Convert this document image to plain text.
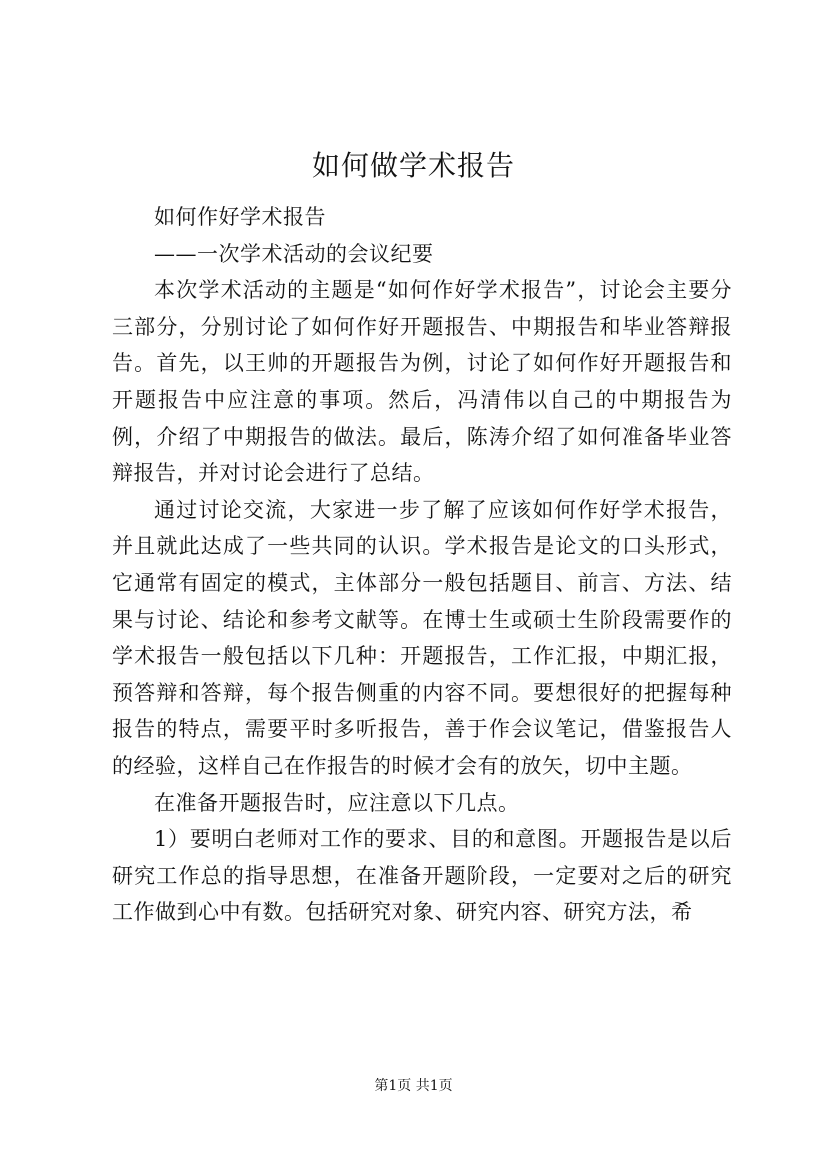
如何做学术报告

如何作好学术报告

——一次学术活动的会议纪要

本次学术活动的主题是“如何作好学术报告”，讨论会主要分三部分，分别讨论了如何作好开题报告、中期报告和毕业答辩报告。首先，以王帅的开题报告为例，讨论了如何作好开题报告和开题报告中应注意的事项。然后，冯清伟以自己的中期报告为例，介绍了中期报告的做法。最后，陈涛介绍了如何准备毕业答辩报告，并对讨论会进行了总结。

通过讨论交流，大家进一步了解了应该如何作好学术报告，并且就此达成了一些共同的认识。学术报告是论文的口头形式，它通常有固定的模式，主体部分一般包括题目、前言、方法、结果与讨论、结论和参考文献等。在博士生或硕士生阶段需要作的学术报告一般包括以下几种：开题报告，工作汇报，中期汇报，预答辩和答辩，每个报告侧重的内容不同。要想很好的把握每种报告的特点，需要平时多听报告，善于作会议笔记，借鉴报告人的经验，这样自己在作报告的时候才会有的放矢，切中主题。

在准备开题报告时，应注意以下几点。

1）要明白老师对工作的要求、目的和意图。开题报告是以后研究工作总的指导思想，在准备开题阶段，一定要对之后的研究工作做到心中有数。包括研究对象、研究内容、研究方法，希

第1页 共1页
